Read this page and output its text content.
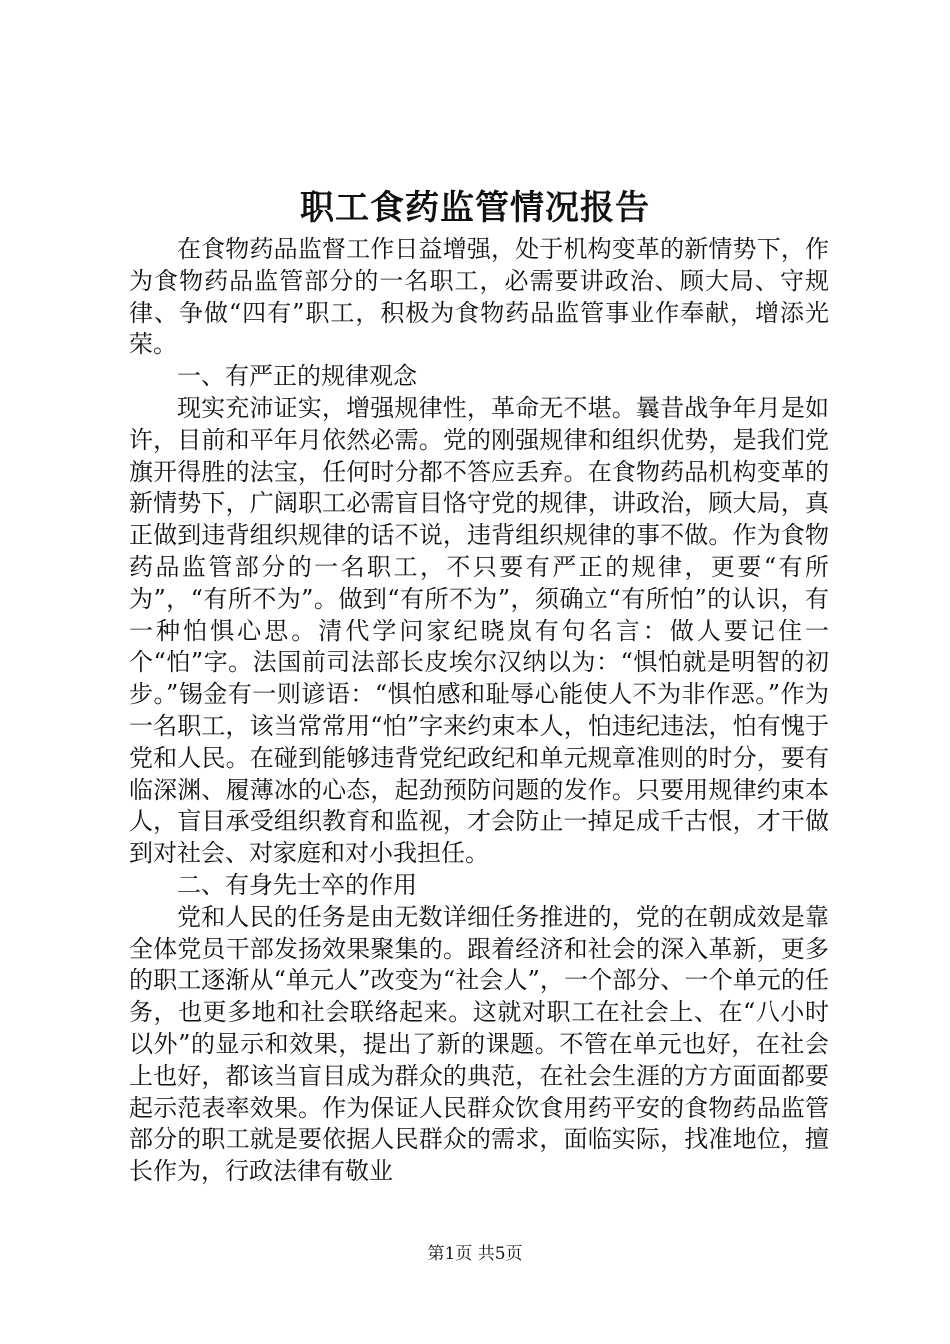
职工食药监管情况报告

在食物药品监督工作日益增强，处于机构变革的新情势下，作为食物药品监管部分的一名职工，必需要讲政治、顾大局、守规律、争做“四有”职工，积极为食物药品监管事业作奉献，增添光荣。

一、有严正的规律观念

现实充沛证实，增强规律性，革命无不堪。曩昔战争年月是如许，目前和平年月依然必需。党的刚强规律和组织优势，是我们党旗开得胜的法宝，任何时分都不答应丢弃。在食物药品机构变革的新情势下，广阔职工必需盲目恪守党的规律，讲政治，顾大局，真正做到违背组织规律的话不说，违背组织规律的事不做。作为食物药品监管部分的一名职工，不只要有严正的规律，更要“有所为”，“有所不为”。做到“有所不为”，须确立“有所怕”的认识，有一种怕惧心思。清代学问家纪晓岚有句名言：做人要记住一个“怕”字。法国前司法部长皮埃尔汉纳以为：“惧怕就是明智的初步。”锡金有一则谚语：“惧怕感和耻辱心能使人不为非作恶。”作为一名职工，该当常常用“怕”字来约束本人，怕违纪违法，怕有愧于党和人民。在碰到能够违背党纪政纪和单元规章准则的时分，要有临深渊、履薄冰的心态，起劲预防问题的发作。只要用规律约束本人，盲目承受组织教育和监视，才会防止一掉足成千古恨，才干做到对社会、对家庭和对小我担任。

二、有身先士卒的作用

党和人民的任务是由无数详细任务推进的，党的在朝成效是靠全体党员干部发扬效果聚集的。跟着经济和社会的深入革新，更多的职工逐渐从“单元人”改变为“社会人”，一个部分、一个单元的任务，也更多地和社会联络起来。这就对职工在社会上、在“八小时以外”的显示和效果，提出了新的课题。不管在单元也好，在社会上也好，都该当盲目成为群众的典范，在社会生涯的方方面面都要起示范表率效果。作为保证人民群众饮食用药平安的食物药品监管部分的职工就是要依据人民群众的需求，面临实际，找准地位，擅长作为，行政法律有敬业

第1页 共5页
